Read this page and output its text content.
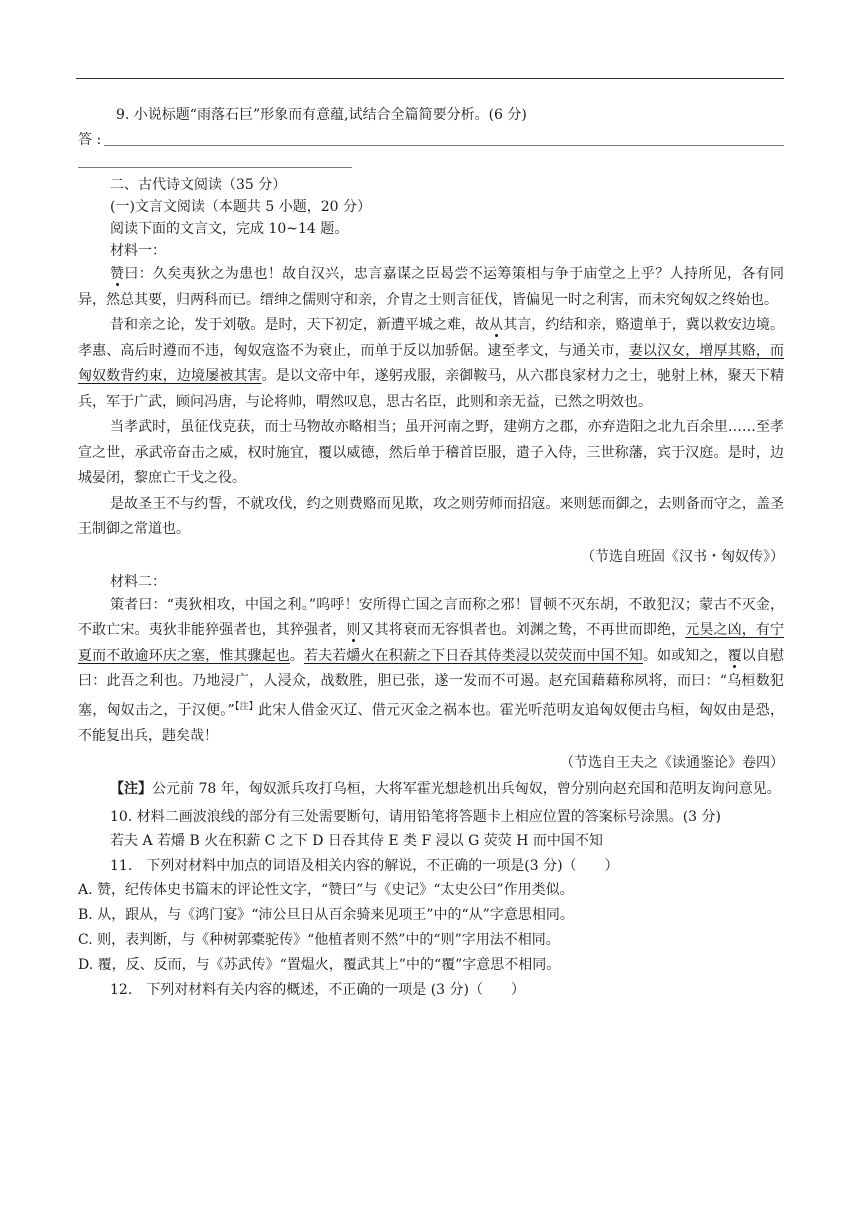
9. 小说标题“雨落石巨”形象而有意蕴,试结合全篇简要分析。(6 分)
答 :

二、古代诗文阅读（35 分）

(一)文言文阅读（本题共 5 小题，20 分）

阅读下面的文言文，完成 10~14 题。

材料一：

赞曰：久矣夷狄之为患也！故自汉兴，忠言嘉谋之臣曷尝不运筹策相与争于庙堂之上乎？人持所见，各有同异，然总其要，归两科而已。缙绅之儒则守和亲，介胄之士则言征伐，皆偏见一时之利害，而未究匈奴之终始也。

昔和亲之论，发于刘敬。是时，天下初定，新遭平城之难，故从其言，约结和亲，赂遗单于，冀以救安边境。孝惠、高后时遵而不违，匈奴寇盗不为衰止，而单于反以加骄倨。逮至孝文，与通关市，妻以汉女，增厚其赂，而匈奴数背约束，边境屡被其害。是以文帝中年，遂躬戎服，亲御鞍马，从六郡良家材力之士，驰射上林，聚天下精兵，军于广武，顾问冯唐，与论将帅，喟然叹息，思古名臣，此则和亲无益，已然之明效也。

当孝武时，虽征伐克获，而士马物故亦略相当；虽开河南之野，建朔方之郡，亦弃造阳之北九百余里……至孝宣之世，承武帝奋击之威，权时施宜，覆以威德，然后单于稽首臣服，遣子入侍，三世称藩，宾于汉庭。是时，边城晏闭，黎庶亡干戈之役。

是故圣王不与约誓，不就攻伐，约之则费赂而见欺，攻之则劳师而招寇。来则惩而御之，去则备而守之，盖圣王制御之常道也。

（节选自班固《汉书・匈奴传》）

材料二：

策者曰：“夷狄相攻，中国之利。”呜呼！安所得亡国之言而称之邪！冒顿不灭东胡，不敢犯汉；蒙古不灭金，不敢亡宋。夷狄非能猝强者也，其猝强者，则又其将衰而无容惧者也。刘渊之鸷，不再世而即绝，元昊之凶，有宁夏而不敢逾环庆之塞，惟其骤起也。若夫若爝火在积薪之下日吞其侍类浸以荧荧而中国不知。如或知之，覆以自慰曰：此吾之利也。乃地浸广，人浸众，战数胜，胆已张，遂一发而不可遏。赵充国藉藉称夙将，而曰：“乌桓数犯塞，匈奴击之，于汉便。”$^{【注】}$此宋人借金灭辽、借元灭金之祸本也。霍光听范明友追匈奴便击乌桓，匈奴由是恐，不能复出兵，韪矣哉！

（节选自王夫之《读通鉴论》卷四）

【注】公元前 78 年，匈奴派兵攻打乌桓，大将军霍光想趁机出兵匈奴，曾分别向赵充国和范明友询问意见。

10. 材料二画波浪线的部分有三处需要断句，请用铅笔将答题卡上相应位置的答案标号涂黑。(3 分)

若夫 A 若爝 B 火在积薪 C 之下 D 日吞其侍 E 类 F 浸以 G 荧荧 H 而中国不知

11.　下列对材料中加点的词语及相关内容的解说，不正确的一项是(3 分)（　　）

A. 赞，纪传体史书篇末的评论性文字，“赞曰”与《史记》“太史公曰”作用类似。

B. 从，跟从，与《鸿门宴》“沛公旦日从百余骑来见项王”中的“从”字意思相同。

C. 则，表判断，与《种树郭橐驼传》“他植者则不然”中的“则”字用法不相同。

D. 覆，反、反而，与《苏武传》“置煴火，覆武其上”中的“覆”字意思不相同。

12.　下列对材料有关内容的概述，不正确的一项是 (3 分)（　　）
